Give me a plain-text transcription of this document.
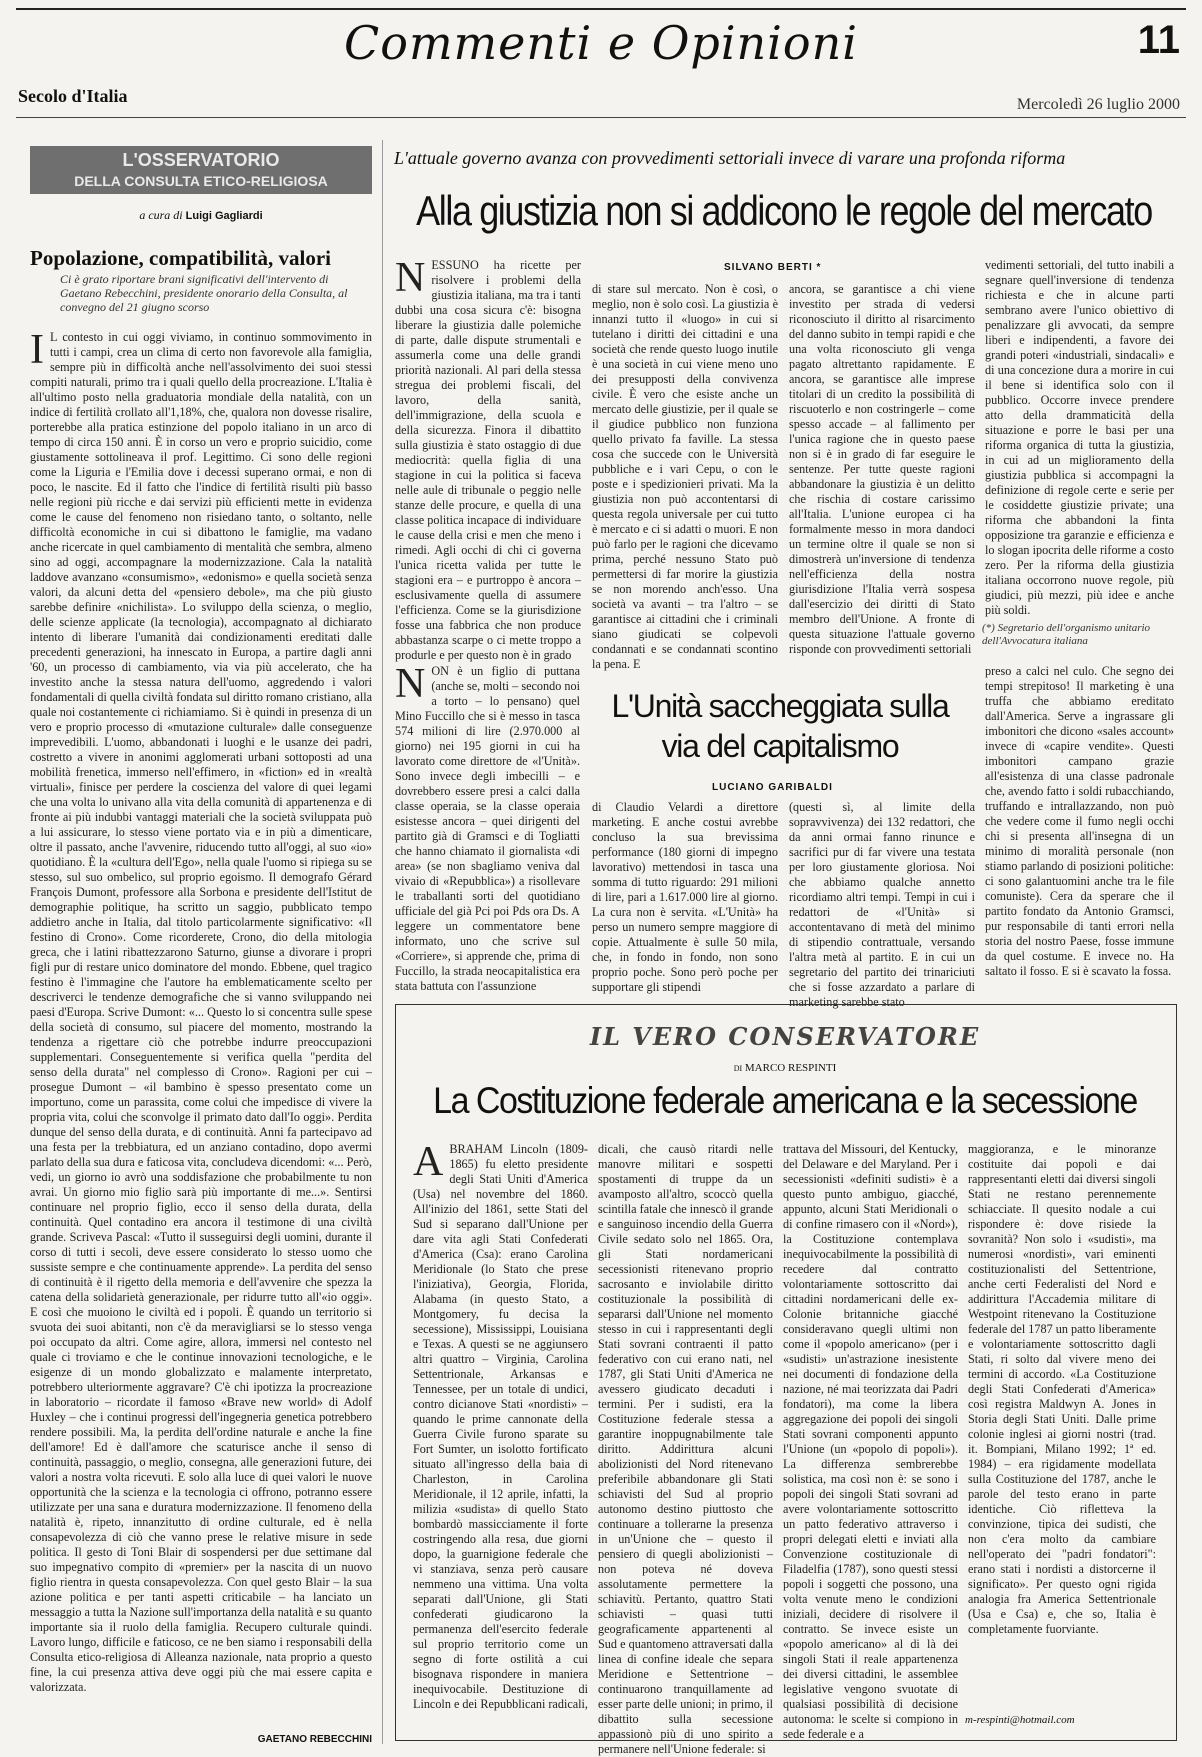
Commenti e Opinioni	11
Secolo d'Italia	Mercoledì 26 luglio 2000
L'OSSERVATORIO
DELLA CONSULTA ETICO-RELIGIOSA
a cura di Luigi Gagliardi
Popolazione, compatibilità, valori
Ci è grato riportare brani significativi dell'intervento di Gaetano Rebecchini, presidente onorario della Consulta, al convegno del 21 giugno scorso
I L contesto in cui oggi viviamo, in continuo sommovimento in tutti i campi, crea un clima di certo non favorevole alla famiglia, sempre più in difficoltà anche nell'assolvimento dei suoi stessi compiti naturali, primo tra i quali quello della procreazione. L'Italia è all'ultimo posto nella graduatoria mondiale della natalità, con un indice di fertilità crollato all'1,18%, che, qualora non dovesse risalire, porterebbe alla pratica estinzione del popolo italiano in un arco di tempo di circa 150 anni. È in corso un vero e proprio suicidio, come giustamente sottolineava il prof. Legittimo. Ci sono delle regioni come la Liguria e l'Emilia dove i decessi superano ormai, e non di poco, le nascite. Ed il fatto che l'indice di fertilità risulti più basso nelle regioni più ricche e dai servizi più efficienti mette in evidenza come le cause del fenomeno non risiedano tanto, o soltanto, nelle difficoltà economiche in cui si dibattono le famiglie, ma vadano anche ricercate in quel cambiamento di mentalità che sembra, almeno sino ad oggi, accompagnare la modernizzazione. Cala la natalità laddove avanzano «consumismo», «edonismo» e quella società senza valori, da alcuni detta del «pensiero debole», ma che più giusto sarebbe definire «nichilista». Lo sviluppo della scienza, o meglio, delle scienze applicate (la tecnologia), accompagnato al dichiarato intento di liberare l'umanità dai condizionamenti ereditati dalle precedenti generazioni, ha innescato in Europa, a partire dagli anni '60, un processo di cambiamento, via via più accelerato, che ha investito anche la stessa natura dell'uomo, aggredendo i valori fondamentali di quella civiltà fondata sul diritto romano cristiano, alla quale noi costantemente ci richiamiamo. Si è quindi in presenza di un vero e proprio processo di «mutazione culturale» dalle conseguenze imprevedibili. L'uomo, abbandonati i luoghi e le usanze dei padri, costretto a vivere in anonimi agglomerati urbani sottoposti ad una mobilità frenetica, immerso nell'effimero, in «fiction» ed in «realtà virtuali», finisce per perdere la coscienza del valore di quei legami che una volta lo univano alla vita della comunità di appartenenza e di fronte ai più indubbi vantaggi materiali che la società sviluppata può a lui assicurare, lo stesso viene portato via e in più a dimenticare, oltre il passato, anche l'avvenire, riducendo tutto all'oggi, al suo «io» quotidiano. È la «cultura dell'Ego», nella quale l'uomo si ripiega su se stesso, sul suo ombelico, sul proprio egoismo. Il demografo Gérard François Dumont, professore alla Sorbona e presidente dell'Istitut de demographie politique, ha scritto un saggio, pubblicato tempo addietro anche in Italia, dal titolo particolarmente significativo: «Il festino di Crono». Come ricorderete, Crono, dio della mitologia greca, che i latini ribattezzarono Saturno, giunse a divorare i propri figli pur di restare unico dominatore del mondo. Ebbene, quel tragico festino è l'immagine che l'autore ha emblematicamente scelto per descriverci le tendenze demografiche che si vanno sviluppando nei paesi d'Europa. Scrive Dumont: «... Questo lo si concentra sulle spese della società di consumo, sul piacere del momento, mostrando la tendenza a rigettare ciò che potrebbe indurre preoccupazioni supplementari. Conseguentemente si verifica quella "perdita del senso della durata" nel complesso di Crono». Ragioni per cui – prosegue Dumont – «il bambino è spesso presentato come un importuno, come un parassita, come colui che impedisce di vivere la propria vita, colui che sconvolge il primato dato dall'Io oggi». Perdita dunque del senso della durata, e di continuità. Anni fa partecipavo ad una festa per la trebbiatura, ed un anziano contadino, dopo avermi parlato della sua dura e faticosa vita, concludeva dicendomi: «... Però, vedi, un giorno io avrò una soddisfazione che probabilmente tu non avrai. Un giorno mio figlio sarà più importante di me...». Sentirsi continuare nel proprio figlio, ecco il senso della durata, della continuità. Quel contadino era ancora il testimone di una civiltà grande. Scriveva Pascal: «Tutto il susseguirsi degli uomini, durante il corso di tutti i secoli, deve essere considerato lo stesso uomo che sussiste sempre e che continuamente apprende». La perdita del senso di continuità è il rigetto della memoria e dell'avvenire che spezza la catena della solidarietà generazionale, per ridurre tutto all'«io oggi». E così che muoiono le civiltà ed i popoli. È quando un territorio si svuota dei suoi abitanti, non c'è da meravigliarsi se lo stesso venga poi occupato da altri. Come agire, allora, immersi nel contesto nel quale ci troviamo e che le continue innovazioni tecnologiche, e le esigenze di un mondo globalizzato e malamente interpretato, potrebbero ulteriormente aggravare? C'è chi ipotizza la procreazione in laboratorio – ricordate il famoso «Brave new world» di Adolf Huxley – che i continui progressi dell'ingegneria genetica potrebbero rendere possibili. Ma, la perdita dell'ordine naturale e anche la fine dell'amore! Ed è dall'amore che scaturisce anche il senso di continuità, passaggio, o meglio, consegna, alle generazioni future, dei valori a nostra volta ricevuti. E solo alla luce di quei valori le nuove opportunità che la scienza e la tecnologia ci offrono, potranno essere utilizzate per una sana e duratura modernizzazione. Il fenomeno della natalità è, ripeto, innanzitutto di ordine culturale, ed è nella consapevolezza di ciò che vanno prese le relative misure in sede politica. Il gesto di Toni Blair di sospendersi per due settimane dal suo impegnativo compito di «premier» per la nascita di un nuovo figlio rientra in questa consapevolezza. Con quel gesto Blair – la sua azione politica e per tanti aspetti criticabile – ha lanciato un messaggio a tutta la Nazione sull'importanza della natalità e su quanto importante sia il ruolo della famiglia. Recupero culturale quindi. Lavoro lungo, difficile e faticoso, ce ne ben siamo i responsabili della Consulta etico-religiosa di Alleanza nazionale, nata proprio a questo fine, la cui presenza attiva deve oggi più che mai essere capita e valorizzata.
GAETANO REBECCHINI
L'attuale governo avanza con provvedimenti settoriali invece di varare una profonda riforma
Alla giustizia non si addicono le regole del mercato
SILVANO BERTI *
NESSUNO ha ricette per risolvere i problemi della giustizia italiana, ma tra i tanti dubbi una cosa sicura c'è: bisogna liberare la giustizia dalle polemiche di parte, dalle dispute strumentali e assumerla come una delle grandi priorità nazionali. Al pari della stessa stregua dei problemi fiscali, del lavoro, della sanità, dell'immigrazione, della scuola e della sicurezza. Finora il dibattito sulla giustizia è stato ostaggio di due mediocrità: quella figlia di una stagione in cui la politica si faceva nelle aule di tribunale o peggio nelle stanze delle procure, e quella di una classe politica incapace di individuare le cause della crisi e men che meno i rimedi. Agli occhi di chi ci governa l'unica ricetta valida per tutte le stagioni era – e purtroppo è ancora – esclusivamente quella di assumere l'efficienza. Come se la giurisdizione fosse una fabbrica che non produce abbastanza scarpe o ci mette troppo a produrle e per questo non è in grado
di stare sul mercato. Non è così, o meglio, non è solo così. La giustizia è innanzi tutto il «luogo» in cui si tutelano i diritti dei cittadini e una società che rende questo luogo inutile è una società in cui viene meno uno dei presupposti della convivenza civile. È vero che esiste anche un mercato delle giustizie, per il quale se il giudice pubblico non funziona quello privato fa faville. La stessa cosa che succede con le Università pubbliche e i vari Cepu, o con le poste e i spedizionieri privati. Ma la giustizia non può accontentarsi di questa regola universale per cui tutto è mercato e ci si adatti o muori. E non può farlo per le ragioni che dicevamo prima, perché nessuno Stato può permettersi di far morire la giustizia se non morendo anch'esso. Una società va avanti – tra l'altro – se garantisce ai cittadini che i criminali siano giudicati se colpevoli condannati e se condannati scontino la pena. E
ancora, se garantisce a chi viene investito per strada di vedersi riconosciuto il diritto al risarcimento del danno subito in tempi rapidi e che una volta riconosciuto gli venga pagato altrettanto rapidamente. E ancora, se garantisce alle imprese titolari di un credito la possibilità di riscuoterlo e non costringerle – come spesso accade – al fallimento per l'unica ragione che in questo paese non si è in grado di far eseguire le sentenze. Per tutte queste ragioni abbandonare la giustizia è un delitto che rischia di costare carissimo all'Italia. L'unione europea ci ha formalmente messo in mora dandoci un termine oltre il quale se non si dimostrerà un'inversione di tendenza nell'efficienza della nostra giurisdizione l'Italia verrà sospesa dall'esercizio dei diritti di Stato membro dell'Unione. A fronte di questa situazione l'attuale governo risponde con provvedimenti settoriali
vedimenti settoriali, del tutto inabili a segnare quell'inversione di tendenza richiesta e che in alcune parti sembrano avere l'unico obiettivo di penalizzare gli avvocati, da sempre liberi e indipendenti, a favore dei grandi poteri «industriali, sindacali» e di una concezione dura a morire in cui il bene si identifica solo con il pubblico. Occorre invece prendere atto della drammaticità della situazione e porre le basi per una riforma organica di tutta la giustizia, in cui ad un miglioramento della giustizia pubblica si accompagni la definizione di regole certe e serie per le cosiddette giustizie private; una riforma che abbandoni la finta opposizione tra garanzie e efficienza e lo slogan ipocrita delle riforme a costo zero. Per la riforma della giustizia italiana occorrono nuove regole, più giudici, più mezzi, più idee e anche più soldi.
(*) Segretario dell'organismo unitario dell'Avvocatura italiana
NON è un figlio di puttana (anche se, molti – secondo noi a torto – lo pensano) quel Mino Fuccillo che si è messo in tasca 574 milioni di lire (2.970.000 al giorno) nei 195 giorni in cui ha lavorato come direttore de «l'Unità». Sono invece degli imbecilli – e dovrebbero essere presi a calci dalla classe operaia, se la classe operaia esistesse ancora – quei dirigenti del partito già di Gramsci e di Togliatti che hanno chiamato il giornalista «di area» (se non sbagliamo veniva dal vivaio di «Repubblica») a risollevare le traballanti sorti del quotidiano ufficiale del già Pci poi Pds ora Ds. A leggere un commentatore bene informato, uno che scrive sul «Corriere», si apprende che, prima di Fuccillo, la strada neocapitalistica era stata battuta con l'assunzione
L'Unità saccheggiata sulla via del capitalismo
LUCIANO GARIBALDI
di Claudio Velardi a direttore marketing. E anche costui avrebbe concluso la sua brevissima performance (180 giorni di impegno lavorativo) mettendosi in tasca una somma di tutto riguardo: 291 milioni di lire, pari a 1.617.000 lire al giorno. La cura non è servita. «L'Unità» ha perso un numero sempre maggiore di copie. Attualmente è sulle 50 mila, che, in fondo in fondo, non sono proprio poche. Sono però poche per supportare gli stipendi
(questi sì, al limite della sopravvivenza) dei 132 redattori, che da anni ormai fanno rinunce e sacrifici pur di far vivere una testata per loro giustamente gloriosa. Noi che abbiamo qualche annetto ricordiamo altri tempi. Tempi in cui i redattori de «l'Unità» si accontentavano di metà del minimo di stipendio contrattuale, versando l'altra metà al partito. E in cui un segretario del partito dei trinariciuti che si fosse azzardato a parlare di marketing sarebbe stato
preso a calci nel culo. Che segno dei tempi strepitoso! Il marketing è una truffa che abbiamo ereditato dall'America. Serve a ingrassare gli imbonitori che dicono «sales account» invece di «capire vendite». Questi imbonitori campano grazie all'esistenza di una classe padronale che, avendo fatto i soldi rubacchiando, truffando e intrallazzando, non può che vedere come il fumo negli occhi chi si presenta all'insegna di un minimo di moralità personale (non stiamo parlando di posizioni politiche: ci sono galantuomini anche tra le file comuniste). Cera da sperare che il partito fondato da Antonio Gramsci, pur responsabile di tanti errori nella storia del nostro Paese, fosse immune da quel costume. E invece no. Ha saltato il fosso. E si è scavato la fossa.
IL VERO CONSERVATORE
di MARCO RESPINTI
La Costituzione federale americana e la secessione
ABRAHAM Lincoln (1809-1865) fu eletto presidente degli Stati Uniti d'America (Usa) nel novembre del 1860. All'inizio del 1861, sette Stati del Sud si separano dall'Unione per dare vita agli Stati Confederati d'America (Csa): erano Carolina Meridionale (lo Stato che prese l'iniziativa), Georgia, Florida, Alabama (in questo Stato, a Montgomery, fu decisa la secessione), Mississippi, Louisiana e Texas. A questi se ne aggiunsero altri quattro – Virginia, Carolina Settentrionale, Arkansas e Tennessee, per un totale di undici, contro dicianove Stati «nordisti» – quando le prime cannonate della Guerra Civile furono sparate su Fort Sumter, un isolotto fortificato situato all'ingresso della baia di Charleston, in Carolina Meridionale, il 12 aprile, infatti, la milizia «sudista» di quello Stato bombardò massicciamente il forte costringendo alla resa, due giorni dopo, la guarnigione federale che vi stanziava, senza però causare nemmeno una vittima. Una volta separati dall'Unione, gli Stati confederati giudicarono la permanenza dell'esercito federale sul proprio territorio come un segno di forte ostilità a cui bisognava rispondere in maniera inequivocabile. Destituzione di Lincoln e dei Repubblicani radicali,
dicali, che causò ritardi nelle manovre militari e sospetti spostamenti di truppe da un avamposto all'altro, scoccò quella scintilla fatale che innescò il grande e sanguinoso incendio della Guerra Civile sedato solo nel 1865. Ora, gli Stati nordamericani secessionisti ritenevano proprio sacrosanto e inviolabile diritto costituzionale la possibilità di separarsi dall'Unione nel momento stesso in cui i rappresentanti degli Stati sovrani contraenti il patto federativo con cui erano nati, nel 1787, gli Stati Uniti d'America ne avessero giudicato decaduti i termini. Per i sudisti, era la Costituzione federale stessa a garantire inoppugnabilmente tale diritto. Addirittura alcuni abolizionisti del Nord ritenevano preferibile abbandonare gli Stati schiavisti del Sud al proprio autonomo destino piuttosto che continuare a tollerarne la presenza in un'Unione che – questo il pensiero di quegli abolizionisti – non poteva né doveva assolutamente permettere la schiavitù. Pertanto, quattro Stati schiavisti – quasi tutti geograficamente appartenenti al Sud e quantomeno attraversati dalla linea di confine ideale che separa Meridione e Settentrione – continuarono tranquillamente ad esser parte delle unioni; in primo, il dibattito sulla secessione appassionò più di uno spirito a permanere nell'Unione federale: si
trattava del Missouri, del Kentucky, del Delaware e del Maryland. Per i secessionisti «definiti sudisti» è a questo punto ambiguo, giacché, appunto, alcuni Stati Meridionali o di confine rimasero con il «Nord»), la Costituzione contemplava inequivocabilmente la possibilità di recedere dal contratto volontariamente sottoscritto dai cittadini nordamericani delle ex-Colonie britanniche giacché consideravano quegli ultimi non come il «popolo americano» (per i «sudisti» un'astrazione inesistente nei documenti di fondazione della nazione, né mai teorizzata dai Padri fondatori), ma come la libera aggregazione dei popoli dei singoli Stati sovrani componenti appunto l'Unione (un «popolo di popoli»). La differenza sembrerebbe solistica, ma così non è: se sono i popoli dei singoli Stati sovrani ad avere volontariamente sottoscritto un patto federativo attraverso i propri delegati eletti e inviati alla Convenzione costituzionale di Filadelfia (1787), sono questi stessi popoli i soggetti che possono, una volta venute meno le condizioni iniziali, decidere di risolvere il contratto. Se invece esiste un «popolo americano» al di là dei singoli Stati il reale appartenenza dei diversi cittadini, le assemblee legislative vengono svuotate di qualsiasi possibilità di decisione autonoma: le scelte si compiono in sede federale e a
maggioranza, e le minoranze costituite dai popoli e dai rappresentanti eletti dai diversi singoli Stati ne restano perennemente schiacciate. Il quesito nodale a cui rispondere è: dove risiede la sovranità? Non solo i «sudisti», ma numerosi «nordisti», vari eminenti costituzionalisti del Settentrione, anche certi Federalisti del Nord e addirittura l'Accademia militare di Westpoint ritenevano la Costituzione federale del 1787 un patto liberamente e volontariamente sottoscritto dagli Stati, ri solto dal vivere meno dei termini di accordo. «La Costituzione degli Stati Confederati d'America» così registra Maldwyn A. Jones in Storia degli Stati Uniti. Dalle prime colonie inglesi ai giorni nostri (trad. it. Bompiani, Milano 1992; 1ª ed. 1984) – era rigidamente modellata sulla Costituzione del 1787, anche le parole del testo erano in parte identiche. Ciò rifletteva la convinzione, tipica dei sudisti, che non c'era molto da cambiare nell'operato dei "padri fondatori": erano stati i nordisti a distorcerne il significato». Per questo ogni rigida analogia fra America Settentrionale (Usa e Csa) e, che so, Italia è completamente fuorviante.
m-respinti@hotmail.com
